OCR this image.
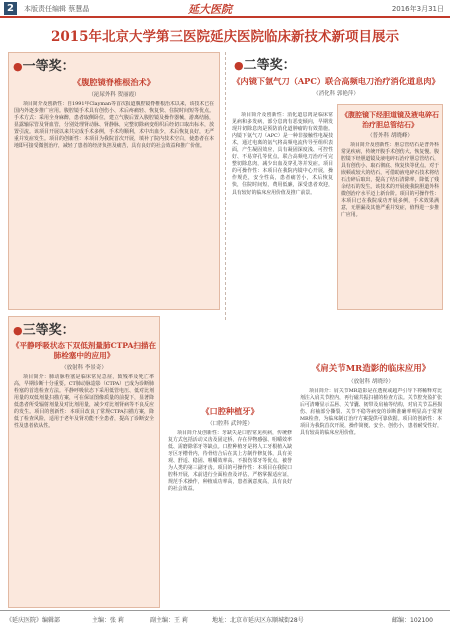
2	本版责任编辑 蔡慧晶	延大医院	2016年3月31日
2015年北京大学第三医院延庆医院临床新技术新项目展示
●一等奖：
《腹腔镜脊椎根治术》
（泌尿外科 贺丽霞）
项目简介及创新性：自1991年Clayman等首次报道腹腔镜脊椎根治术以来，该技术已在国内外逐步推广应用。腹腔镜手术具有创伤小、术后疼痛轻、恢复快、住院时间短等优点。手术方式：采用全身麻醉，患者取侧卧位，建立气腹后置入腹腔镜及操作器械，游离结肠，显露输尿管及肾血管，分别处理肾动脉、肾静脉，完整切除病变组织后经切口取出标本，放置引流。该项目开展以来共完成手术多例，手术均顺利，术中出血少，术后恢复良好，无严重并发症发生。项目的创新性：本项目为我院首次开展，填补了院内技术空白，使患者在本地即可接受微创治疗，减轻了患者的经济负担及痛苦，具有良好的社会效益和推广价值。
●二等奖：
《内镜下氩气刀（APC）联合高频电刀治疗消化道息肉》
（消化科 郭艳萍）
项目简介及创新性：消化道息肉是临床常见病和多发病，部分息肉有恶变倾向，早期发现并切除息肉是预防消化道肿瘤的有效措施。内镜下氩气刀（APC）是一种非接触性电凝技术，通过电离的氩气将高频电流传导至组织表面，产生凝固效应，具有凝固深度浅、可控性好、不易穿孔等优点。联合高频电刀治疗可完整切除息肉，减少出血及穿孔等并发症。项目的可操作性：本项目在我院内镜中心开展，操作规范，安全性高，患者痛苦小，术后恢复快，住院时间短，费用低廉，深受患者欢迎，具有较好的临床应用价值及推广前景。
《腹腔镜下经胆道镜及液电碎石治疗胆总管结石》
（普外科 胡晓峰）
项目简介及创新性：胆总管结石是普外科常见疾病，传统开腹手术创伤大、恢复慢。腹腔镜下经胆道镜及液电碎石治疗胆总管结石，具有创伤小、取石彻底、恢复快等优点。对于嵌顿或较大的结石，可借助液电碎石技术将结石击碎后取出，提高了结石清除率，降低了残余结石的发生。该技术的开展使我院胆道外科微创治疗水平迈上新台阶。项目的可操作性：本项目已在我院成功开展多例，手术效果满意，无胆漏及其他严重并发症，值得进一步推广应用。
●三等奖：
《平静呼吸状态下双低剂量肺CTPA扫描在肺栓塞中的应用》
（放射科 李景奇）
项目简介：肺动脉栓塞是临床常见急症，致残率及死亡率高，早期诊断十分重要。CT肺动脉造影（CTPA）已成为诊断肺栓塞的首选检查方法。平静呼吸状态下采用低管电压、低对比剂用量的双低剂量扫描方案，可在保证图像质量的前提下，显著降低患者所受辐射剂量及对比剂用量，减少对比剂肾病等不良反应的发生。项目的创新性：本项目改良了常规CTPA扫描方案，降低了检查风险，适用于老年及肾功能不全患者，提高了诊断安全性及患者依从性。
《口腔种植牙》
（口腔科 武钟莲）
项目简介及创新性：牙缺失是口腔常见疾病，传统修复方式包括活动义齿及固定桥，存在异物感强、咀嚼效率低、需磨除邻牙等缺点。口腔种植牙是将人工牙根植入缺牙区牙槽骨内，待骨结合后在其上方制作修复体，具有美观、舒适、稳固、咀嚼效率高、不损伤邻牙等优点，被誉为人类的第三副牙齿。项目的可操作性：本项目在我院口腔科开展，术前进行全面检查及评估，严格掌握适应证，规范手术操作，种植成功率高，患者满意度高，具有良好的社会效益。
《肩关节MR造影的临床应用》
（放射科 胡晓玲）
项目简介：肩关节MR造影是在透视或超声引导下将稀释对比剂注入肩关节腔内，再行磁共振扫描的检查方法。关节腔充盈扩张后可清晰显示盂唇、关节囊、韧带及肩袖等结构，对肩关节盂唇损伤、肩袖部分撕裂、关节不稳等病变的诊断准确率明显高于常规MR检查，为临床制订治疗方案提供可靠依据。项目的创新性：本项目为我院首次开展，操作简便、安全、创伤小，患者耐受性好，具有较高的临床应用价值。
《延庆医院》编辑部	主编：张 莉	副主编：王 莉	地址：北京市延庆区东顺城街28号	邮编：102100
